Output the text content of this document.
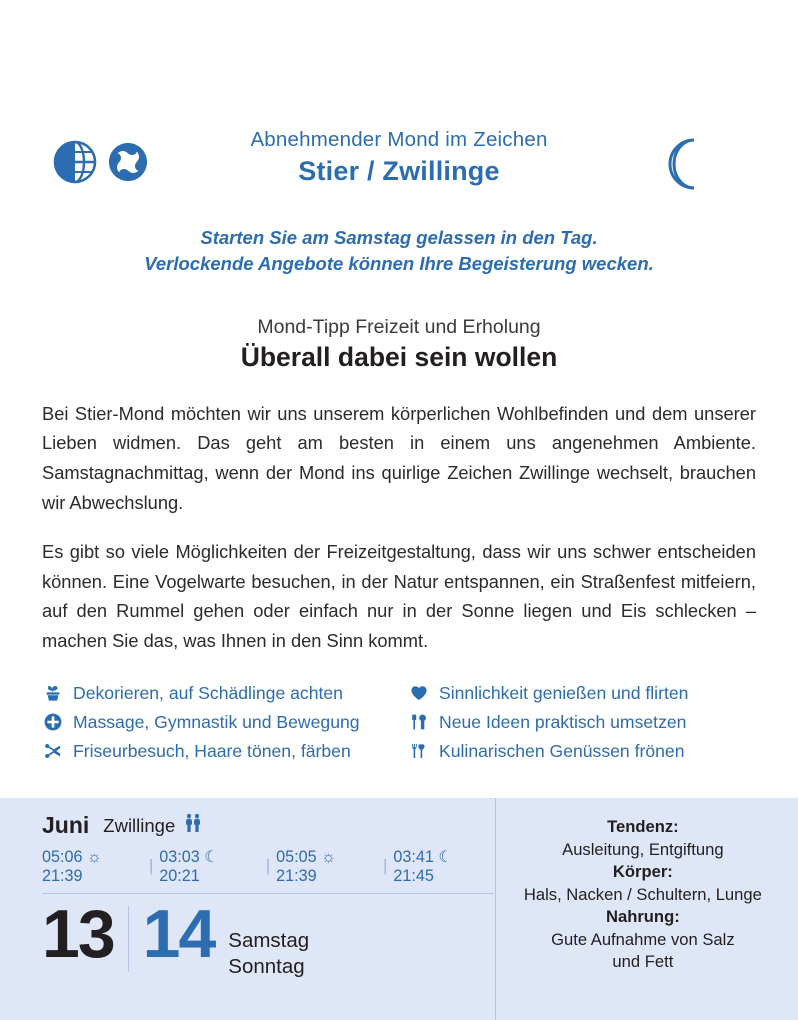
Abnehmender Mond im Zeichen
Stier / Zwillinge
Starten Sie am Samstag gelassen in den Tag.
Verlockende Angebote können Ihre Begeisterung wecken.
Mond-Tipp Freizeit und Erholung
Überall dabei sein wollen

Bei Stier-Mond möchten wir uns unserem körperlichen Wohlbefinden und dem unserer Lieben widmen. Das geht am besten in einem uns angenehmen Ambiente. Samstagnachmittag, wenn der Mond ins quirlige Zeichen Zwillinge wechselt, brauchen wir Abwechslung.

Es gibt so viele Möglichkeiten der Freizeitgestaltung, dass wir uns schwer entscheiden können. Eine Vogelwarte besuchen, in der Natur entspannen, ein Straßenfest mitfeiern, auf den Rummel gehen oder einfach nur in der Sonne liegen und Eis schlecken – machen Sie das, was Ihnen in den Sinn kommt.

Dekorieren, auf Schädlinge achten
Massage, Gymnastik und Bewegung
Friseurbesuch, Haare tönen, färben
Sinnlichkeit genießen und flirten
Neue Ideen praktisch umsetzen
Kulinarischen Genüssen frönen
Juni Zwillinge
05:06 ☼ 21:39
| 03:03 ☾ 20:21
|
05:05 ☼ 21:39
| 03:41 ☾ 21:45
13 14 Samstag
Sonntag
Tendenz:
Ausleitung, Entgiftung
Körper:
Hals, Nacken / Schultern, Lunge
Nahrung:
Gute Aufnahme von Salz
und Fett
